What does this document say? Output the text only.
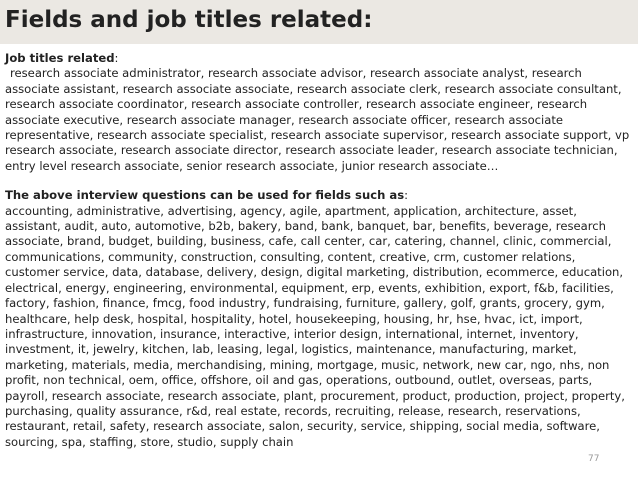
Fields and job titles related:

Job titles related:

research associate administrator, research associate advisor, research associate analyst, research associate assistant, research associate associate, research associate clerk, research associate consultant, research associate coordinator, research associate controller, research associate engineer, research associate executive, research associate manager, research associate officer, research associate representative, research associate specialist, research associate supervisor, research associate support, vp research associate, research associate director, research associate leader, research associate technician, entry level research associate, senior research associate, junior research associate…

The above interview questions can be used for fields such as:

accounting, administrative, advertising, agency, agile, apartment, application, architecture, asset, assistant, audit, auto, automotive, b2b, bakery, band, bank, banquet, bar, benefits, beverage, research associate, brand, budget, building, business, cafe, call center, car, catering, channel, clinic, commercial, communications, community, construction, consulting, content, creative, crm, customer relations, customer service, data, database, delivery, design, digital marketing, distribution, ecommerce, education, electrical, energy, engineering, environmental, equipment, erp, events, exhibition, export, f&b, facilities, factory, fashion, finance, fmcg, food industry, fundraising, furniture, gallery, golf, grants, grocery, gym, healthcare, help desk, hospital, hospitality, hotel, housekeeping, housing, hr, hse, hvac, ict, import, infrastructure, innovation, insurance, interactive, interior design, international, internet, inventory, investment, it, jewelry, kitchen, lab, leasing, legal, logistics, maintenance, manufacturing, market, marketing, materials, media, merchandising, mining, mortgage, music, network, new car, ngo, nhs, non profit, non technical, oem, office, offshore, oil and gas, operations, outbound, outlet, overseas, parts, payroll, research associate, research associate, plant, procurement, product, production, project, property, purchasing, quality assurance, r&d, real estate, records, recruiting, release, research, reservations, restaurant, retail, safety, research associate, salon, security, service, shipping, social media, software, sourcing, spa, staffing, store, studio, supply chain

77
